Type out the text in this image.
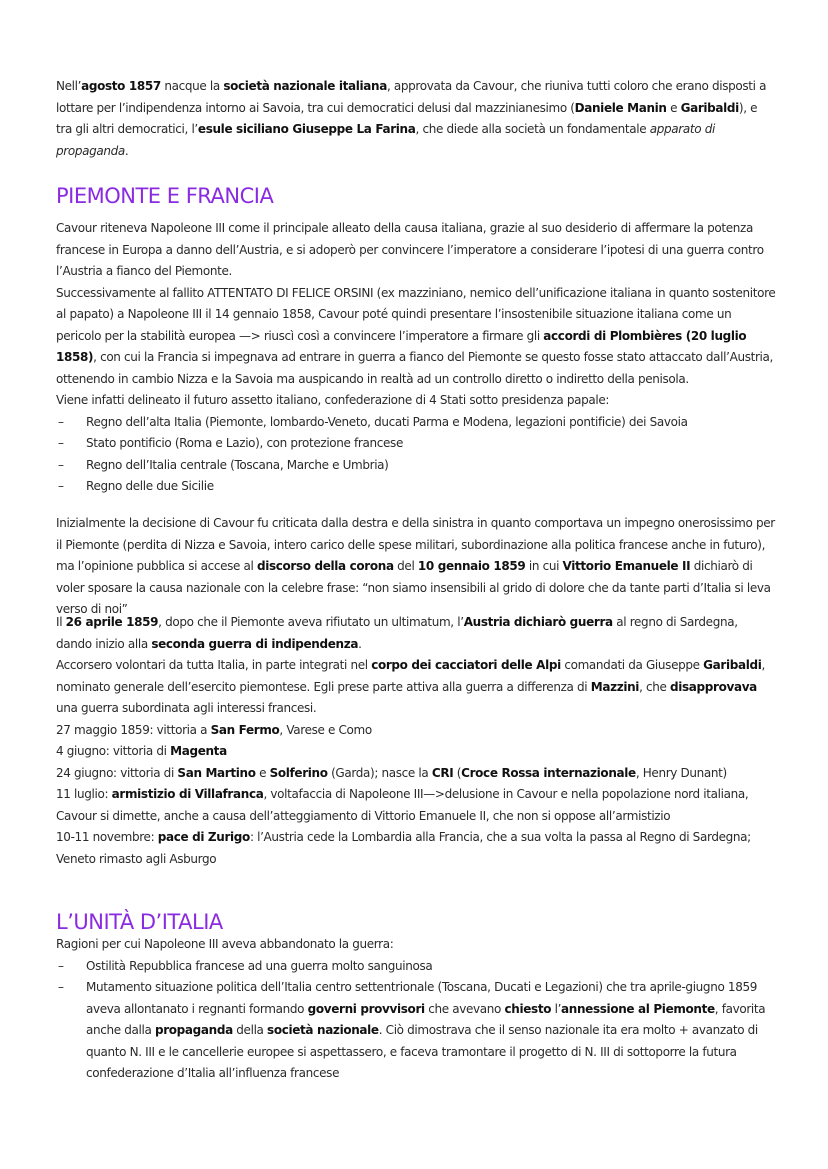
Nell’agosto 1857 nacque la società nazionale italiana, approvata da Cavour, che riuniva tutti coloro che erano disposti a lottare per l’indipendenza intorno ai Savoia, tra cui democratici delusi dal mazzinianesimo (Daniele Manin e Garibaldi), e tra gli altri democratici, l’esule siciliano Giuseppe La Farina, che diede alla società un fondamentale apparato di propaganda.

PIEMONTE E FRANCIA
Cavour riteneva Napoleone III come il principale alleato della causa italiana, grazie al suo desiderio di affermare la potenza francese in Europa a danno dell’Austria, e si adoperò per convincere l’imperatore a considerare l’ipotesi di una guerra contro l’Austria a fianco del Piemonte.
Successivamente al fallito ATTENTATO DI FELICE ORSINI (ex mazziniano, nemico dell’unificazione italiana in quanto sostenitore al papato) a Napoleone III il 14 gennaio 1858, Cavour poté quindi presentare l’insostenibile situazione italiana come un pericolo per la stabilità europea —> riuscì così a convincere l’imperatore a firmare gli accordi di Plombières (20 luglio 1858), con cui la Francia si impegnava ad entrare in guerra a fianco del Piemonte se questo fosse stato attaccato dall’Austria, ottenendo in cambio Nizza e la Savoia ma auspicando in realtà ad un controllo diretto o indiretto della penisola.
Viene infatti delineato il futuro assetto italiano, confederazione di 4 Stati sotto presidenza papale:
– Regno dell’alta Italia (Piemonte, lombardo-Veneto, ducati Parma e Modena, legazioni pontificie) dei Savoia
– Stato pontificio (Roma e Lazio), con protezione francese
– Regno dell’Italia centrale (Toscana, Marche e Umbria)
– Regno delle due Sicilie
Inizialmente la decisione di Cavour fu criticata dalla destra e della sinistra in quanto comportava un impegno onerosissimo per il Piemonte (perdita di Nizza e Savoia, intero carico delle spese militari, subordinazione alla politica francese anche in futuro), ma l’opinione pubblica si accese al discorso della corona del 10 gennaio 1859 in cui Vittorio Emanuele II dichiarò di voler sposare la causa nazionale con la celebre frase: “non siamo insensibili al grido di dolore che da tante parti d’Italia si leva verso di noi”
Il 26 aprile 1859, dopo che il Piemonte aveva rifiutato un ultimatum, l’Austria dichiarò guerra al regno di Sardegna, dando inizio alla seconda guerra di indipendenza.
Accorsero volontari da tutta Italia, in parte integrati nel corpo dei cacciatori delle Alpi comandati da Giuseppe Garibaldi, nominato generale dell’esercito piemontese. Egli prese parte attiva alla guerra a differenza di Mazzini, che disapprovava una guerra subordinata agli interessi francesi.
27 maggio 1859: vittoria a San Fermo, Varese e Como
4 giugno: vittoria di Magenta
24 giugno: vittoria di San Martino e Solferino (Garda); nasce la CRI (Croce Rossa internazionale, Henry Dunant)
11 luglio: armistizio di Villafranca, voltafaccia di Napoleone III—>delusione in Cavour e nella popolazione nord italiana, Cavour si dimette, anche a causa dell’atteggiamento di Vittorio Emanuele II, che non si oppose all’armistizio
10-11 novembre: pace di Zurigo: l’Austria cede la Lombardia alla Francia, che a sua volta la passa al Regno di Sardegna; Veneto rimasto agli Asburgo
L’UNITÀ D’ITALIA
Ragioni per cui Napoleone III aveva abbandonato la guerra:
– Ostilità Repubblica francese ad una guerra molto sanguinosa
– Mutamento situazione politica dell’Italia centro settentrionale (Toscana, Ducati e Legazioni) che tra aprile-giugno 1859 aveva allontanato i regnanti formando governi provvisori che avevano chiesto l’annessione al Piemonte, favorita anche dalla propaganda della società nazionale. Ciò dimostrava che il senso nazionale ita era molto + avanzato di quanto N. III e le cancellerie europee si aspettassero, e faceva tramontare il progetto di N. III di sottoporre la futura confederazione d’Italia all’influenza francese
